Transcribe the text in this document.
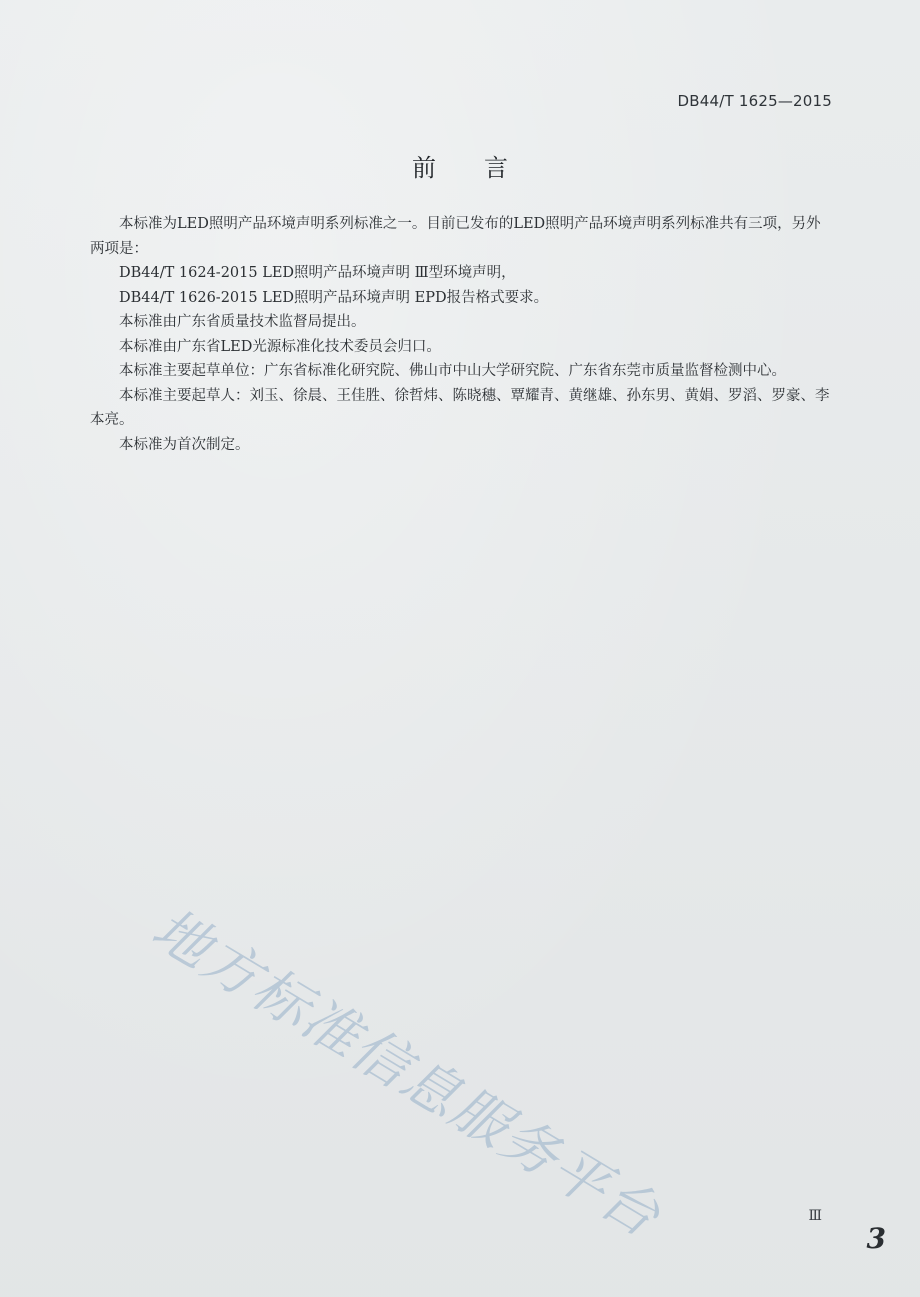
DB44/T 1625—2015
前言

本标准为LED照明产品环境声明系列标准之一。目前已发布的LED照明产品环境声明系列标准共有三项，另外两项是：

DB44/T 1624-2015 LED照明产品环境声明 Ⅲ型环境声明，

DB44/T 1626-2015 LED照明产品环境声明 EPD报告格式要求。

本标准由广东省质量技术监督局提出。

本标准由广东省LED光源标准化技术委员会归口。

本标准主要起草单位：广东省标准化研究院、佛山市中山大学研究院、广东省东莞市质量监督检测中心。

本标准主要起草人：刘玉、徐晨、王佳胜、徐哲炜、陈晓穗、覃耀青、黄继雄、孙东男、黄娟、罗滔、罗豪、李本亮。

本标准为首次制定。

地方标准信息服务平台	Ⅲ
3
